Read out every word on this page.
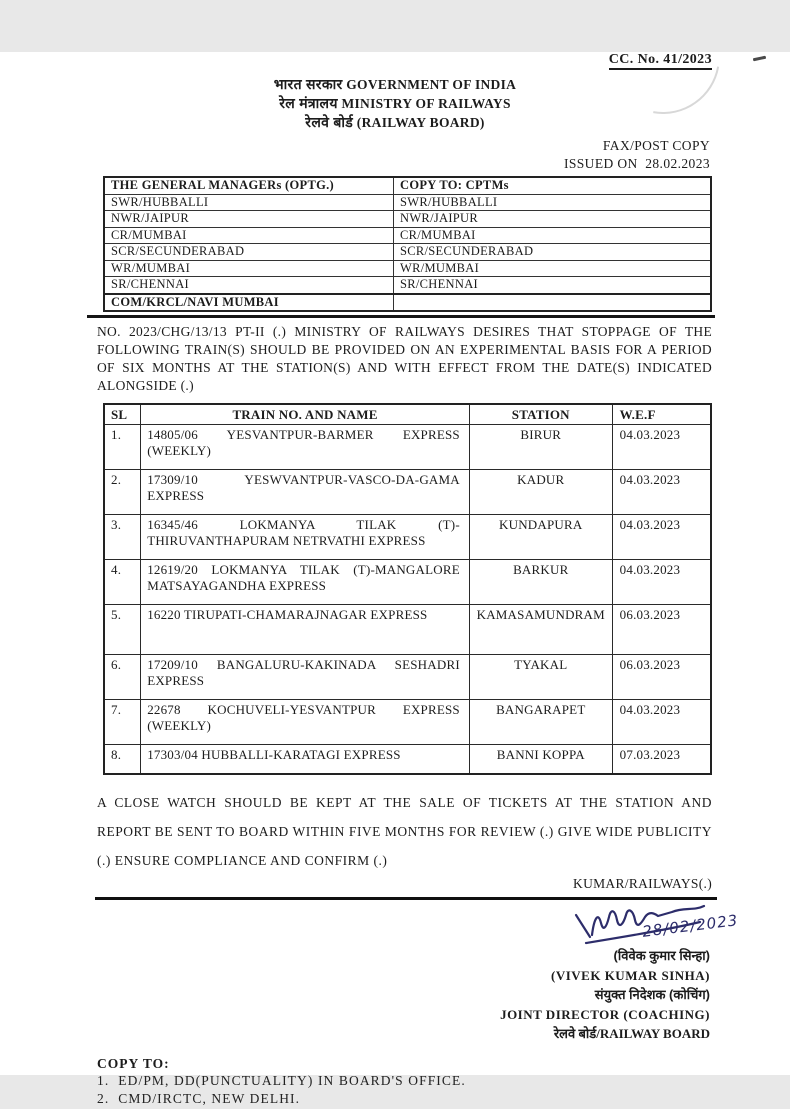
CC. No. 41/2023
भारत सरकार GOVERNMENT OF INDIA
रेल मंत्रालय MINISTRY OF RAILWAYS
रेलवे बोर्ड (RAILWAY BOARD)
FAX/POST COPY
ISSUED ON  28.02.2023
THE GENERAL MANAGERs (OPTG.)	COPY TO: CPTMs
SWR/HUBBALLI	SWR/HUBBALLI
NWR/JAIPUR	NWR/JAIPUR
CR/MUMBAI	CR/MUMBAI
SCR/SECUNDERABAD	SCR/SECUNDERABAD
WR/MUMBAI	WR/MUMBAI
SR/CHENNAI	SR/CHENNAI
COM/KRCL/NAVI MUMBAI	

NO. 2023/CHG/13/13 PT-II (.) MINISTRY OF RAILWAYS DESIRES THAT STOPPAGE OF THE FOLLOWING TRAIN(S) SHOULD BE PROVIDED ON AN EXPERIMENTAL BASIS FOR A PERIOD OF SIX MONTHS AT THE STATION(S) AND WITH EFFECT FROM THE DATE(S) INDICATED ALONGSIDE (.)

SL	TRAIN NO. AND NAME	STATION	W.E.F
1.	14805/06 YESVANTPUR-BARMER EXPRESS (WEEKLY)	BIRUR	04.03.2023
2.	17309/10 YESWVANTPUR-VASCO-DA-GAMA EXPRESS	KADUR	04.03.2023
3.	16345/46 LOKMANYA TILAK (T)-THIRUVANTHAPURAM NETRVATHI EXPRESS	KUNDAPURA	04.03.2023
4.	12619/20 LOKMANYA TILAK (T)-MANGALORE MATSAYAGANDHA EXPRESS	BARKUR	04.03.2023
5.	16220 TIRUPATI-CHAMARAJNAGAR EXPRESS	KAMASAMUNDRAM	06.03.2023
6.	17209/10 BANGALURU-KAKINADA SESHADRI EXPRESS	TYAKAL	06.03.2023
7.	22678 KOCHUVELI-YESVANTPUR EXPRESS (WEEKLY)	BANGARAPET	04.03.2023
8.	17303/04 HUBBALLI-KARATAGI EXPRESS	BANNI KOPPA	07.03.2023

A CLOSE WATCH SHOULD BE KEPT AT THE SALE OF TICKETS AT THE STATION AND REPORT BE SENT TO BOARD WITHIN FIVE MONTHS FOR REVIEW (.) GIVE WIDE PUBLICITY (.) ENSURE COMPLIANCE AND CONFIRM (.)

KUMAR/RAILWAYS(.)
28/02/2023
(विवेक कुमार सिन्हा)
(VIVEK KUMAR SINHA)
संयुक्त निदेशक (कोचिंग)
JOINT DIRECTOR (COACHING)
रेलवे बोर्ड/RAILWAY BOARD
COPY TO:
1.  ED/PM, DD(PUNCTUALITY) IN BOARD'S OFFICE.
2.  CMD/IRCTC, NEW DELHI.
